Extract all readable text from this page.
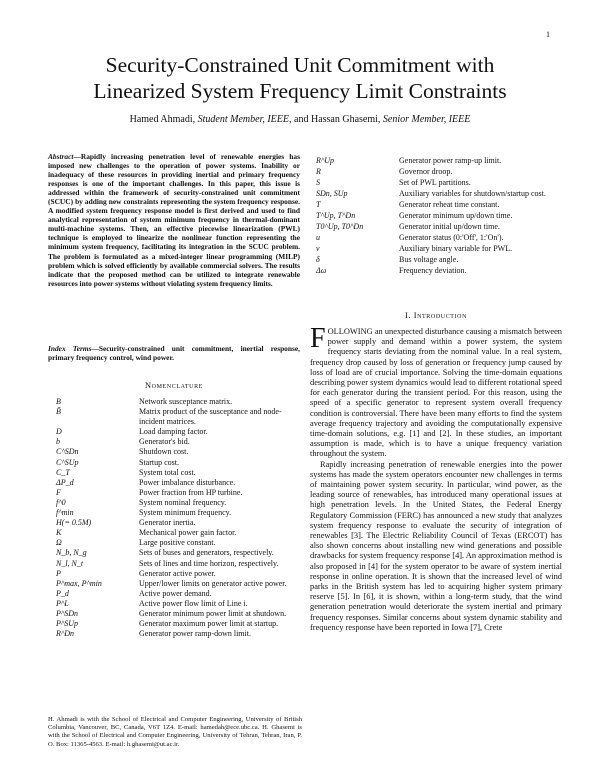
1
Security-Constrained Unit Commitment with
Linearized System Frequency Limit Constraints
Hamed Ahmadi, Student Member, IEEE, and Hassan Ghasemi, Senior Member, IEEE
Abstract—Rapidly increasing penetration level of renewable energies has imposed new challenges to the operation of power systems. Inability or inadequacy of these resources in providing inertial and primary frequency responses is one of the important challenges. In this paper, this issue is addressed within the framework of security-constrained unit commitment (SCUC) by adding new constraints representing the system frequency response. A modified system frequency response model is first derived and used to find analytical representation of system minimum frequency in thermal-dominant multi-machine systems. Then, an effective piecewise linearization (PWL) technique is employed to linearize the nonlinear function representing the minimum system frequency, facilitating its integration in the SCUC problem. The problem is formulated as a mixed-integer linear programming (MILP) problem which is solved efficiently by available commercial solvers. The results indicate that the proposed method can be utilized to integrate renewable resources into power systems without violating system frequency limits.
Index Terms—Security-constrained unit commitment, inertial response, primary frequency control, wind power.
Nomenclature
B	Network susceptance matrix.
B̃	Matrix product of the susceptance and node-incident matrices.
D	Load damping factor.
b	Generator's bid.
C^SDn	Shutdown cost.
C^SUp	Startup cost.
C_T	System total cost.
ΔP_d	Power imbalance disturbance.
F	Power fraction from HP turbine.
f^0	System nominal frequency.
f^min	System minimum frequency.
H(= 0.5M)	Generator inertia.
K	Mechanical power gain factor.
Ω	Large positive constant.
N_b, N_g	Sets of buses and generators, respectively.
N_l, N_t	Sets of lines and time horizon, respectively.
P	Generator active power.
P^max, P^min	Upper/lower limits on generator active power.
P_d	Active power demand.
P^L	Active power flow limit of Line i.
P^SDn	Generator minimum power limit at shutdown.
P^SUp	Generator maximum power limit at startup.
R^Dn	Generator power ramp-down limit.
R^Up	Generator power ramp-up limit.
R	Governor droop.
S	Set of PWL partitions.
SDn, SUp	Auxiliary variables for shutdown/startup cost.
T	Generator reheat time constant.
T^Up, T^Dn	Generator minimum up/down time.
T0^Up, T0^Dn	Generator initial up/down time.
u	Generator status (0:'Off', 1:'On').
v	Auxiliary binary variable for PWL.
δ	Bus voltage angle.
Δω	Frequency deviation.
H. Ahmadi is with the School of Electrical and Computer Engineering, University of British Columbia, Vancouver, BC, Canada, V6T 1Z4. E-mail: hamedah@ece.ubc.ca. H. Ghasemi is with the School of Electrical and Computer Engineering, University of Tehran, Tehran, Iran, P. O. Box: 11365-4563. E-mail: h.ghasemi@ut.ac.ir.
I. Introduction

FOLLOWING an unexpected disturbance causing a mismatch between power supply and demand within a power system, the system frequency starts deviating from the nominal value. In a real system, frequency drop caused by loss of generation or frequency jump caused by loss of load are of crucial importance. Solving the time-domain equations describing power system dynamics would lead to different rotational speed for each generator during the transient period. For this reason, using the speed of a specific generator to represent system overall frequency condition is controversial. There have been many efforts to find the system average frequency trajectory and avoiding the computationally expensive time-domain solutions, e.g. [1] and [2]. In these studies, an important assumption is made, which is to have a unique frequency variation throughout the system.

Rapidly increasing penetration of renewable energies into the power systems has made the system operators encounter new challenges in terms of maintaining power system security. In particular, wind power, as the leading source of renewables, has introduced many operational issues at high penetration levels. In the United States, the Federal Energy Regulatory Commission (FERC) has announced a new study that analyzes system frequency response to evaluate the security of integration of renewables [3]. The Electric Reliability Council of Texas (ERCOT) has also shown concerns about installing new wind generations and possible drawbacks for system frequency response [4]. An approximation method is also proposed in [4] for the system operator to be aware of system inertial response in online operation. It is shown that the increased level of wind parks in the British system has led to acquiring higher system primary reserve [5]. In [6], it is shown, within a long-term study, that the wind generation penetration would deteriorate the system inertial and primary frequency responses. Similar concerns about system dynamic stability and frequency response have been reported in Iowa [7], Crete
